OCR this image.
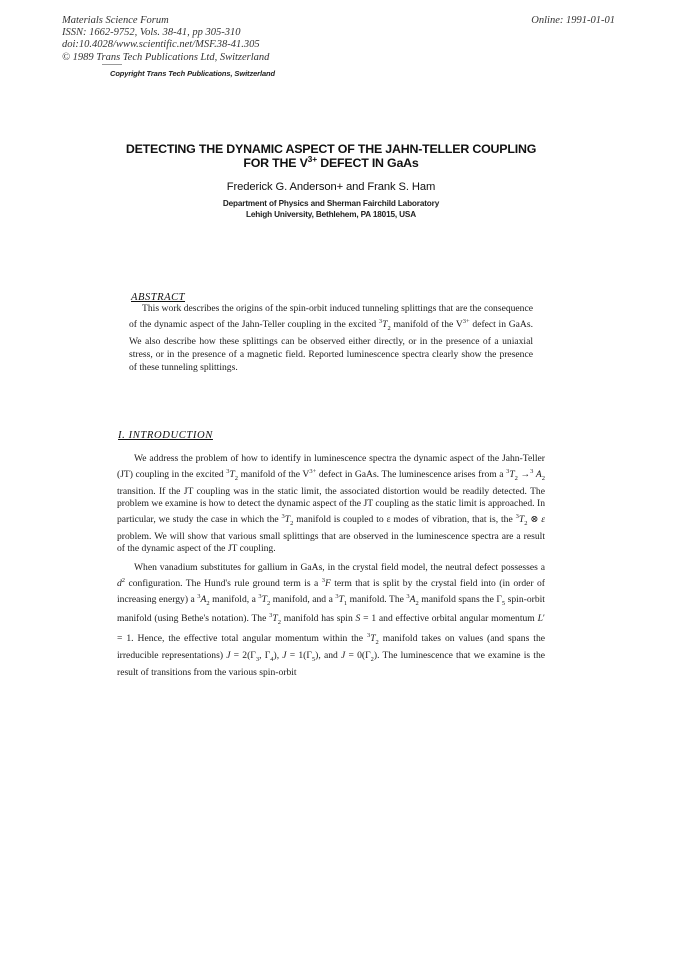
Materials Science Forum
ISSN: 1662-9752, Vols. 38-41, pp 305-310
doi:10.4028/www.scientific.net/MSF.38-41.305
© 1989 Trans Tech Publications Ltd, Switzerland
Online: 1991-01-01
Copyright Trans Tech Publications, Switzerland
DETECTING THE DYNAMIC ASPECT OF THE JAHN-TELLER COUPLING
FOR THE $V^{3+}$ DEFECT IN GaAs
Frederick G. Anderson+ and Frank S. Ham
Department of Physics and Sherman Fairchild Laboratory
Lehigh University, Bethlehem, PA 18015, USA
ABSTRACT

This work describes the origins of the spin-orbit induced tunneling splittings that are the consequence of the dynamic aspect of the Jahn-Teller coupling in the excited $^3T_2$ manifold of the $V^{3+}$ defect in GaAs. We also describe how these splittings can be observed either directly, or in the presence of a uniaxial stress, or in the presence of a magnetic field. Reported luminescence spectra clearly show the presence of these tunneling splittings.

I. INTRODUCTION

We address the problem of how to identify in luminescence spectra the dynamic aspect of the Jahn-Teller (JT) coupling in the excited $^3T_2$ manifold of the $V^{3+}$ defect in GaAs. The luminescence arises from a $^3T_2 \to^3$ $A_2$ transition. If the JT coupling was in the static limit, the associated distortion would be readily detected. The problem we examine is how to detect the dynamic aspect of the JT coupling as the static limit is approached. In particular, we study the case in which the $^3T_2$ manifold is coupled to ε modes of vibration, that is, the $^3T_2$ ⊗ ε problem. We will show that various small splittings that are observed in the luminescence spectra are a result of the dynamic aspect of the JT coupling.

When vanadium substitutes for gallium in GaAs, in the crystal field model, the neutral defect possesses a $d^2$ configuration. The Hund's rule ground term is a $^3$F term that is split by the crystal field into (in order of increasing energy) a $^3A_2$ manifold, a $^3T_2$ manifold, and a $^3T_1$ manifold. The $^3A_2$ manifold spans the $\Gamma_5$ spin-orbit manifold (using Bethe's notation). The $^3T_2$ manifold has spin S = 1 and effective orbital angular momentum L′ = 1. Hence, the effective total angular momentum within the $^3T_2$ manifold takes on values (and spans the irreducible representations) $J = 2(\Gamma_3$, $\Gamma_4$), $J = 1(\Gamma_5)$, and $J = 0(\Gamma_2)$. The luminescence that we examine is the result of transitions from the various spin-orbit
